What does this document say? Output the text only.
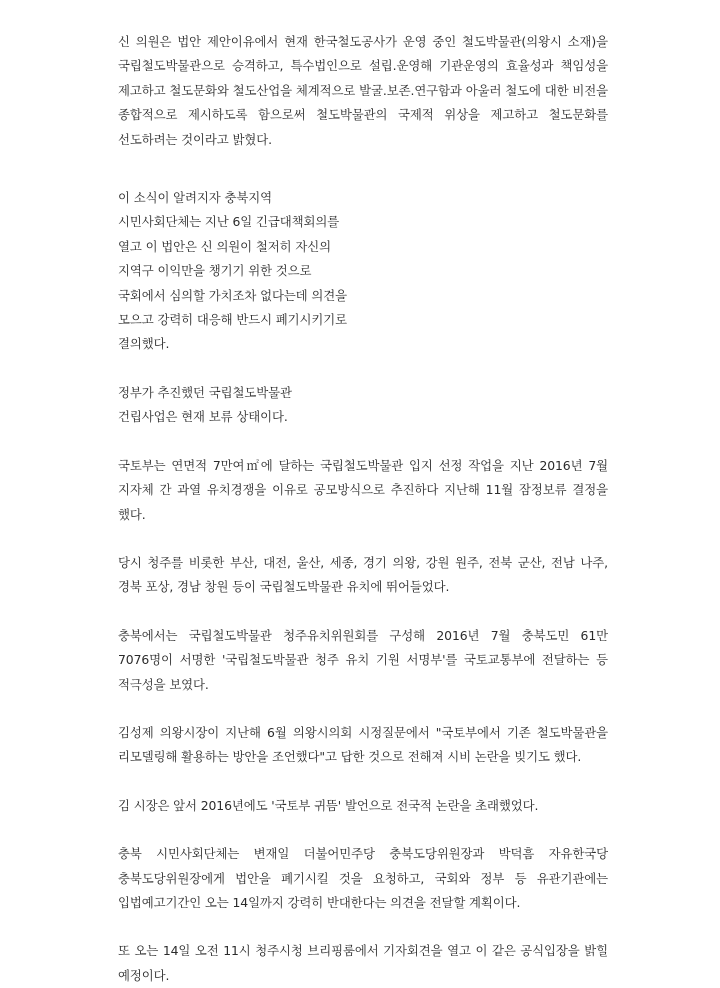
신 의원은 법안 제안이유에서 현재 한국철도공사가 운영 중인 철도박물관(의왕시 소재)을 국립철도박물관으로 승격하고, 특수법인으로 설립.운영해 기관운영의 효율성과 책임성을 제고하고 철도문화와 철도산업을 체계적으로 발굴.보존.연구함과 아울러 철도에 대한 비전을 종합적으로 제시하도록 함으로써 철도박물관의 국제적 위상을 제고하고 철도문화를 선도하려는 것이라고 밝혔다.

이 소식이 알려지자 충북지역 시민사회단체는 지난 6일 긴급대책회의를 열고 이 법안은 신 의원이 철저히 자신의 지역구 이익만을 챙기기 위한 것으로 국회에서 심의할 가치조차 없다는데 의견을 모으고 강력히 대응해 반드시 폐기시키기로 결의했다.

정부가 추진했던 국립철도박물관 건립사업은 현재 보류 상태이다.

국토부는 연면적 7만여㎡에 달하는 국립철도박물관 입지 선정 작업을 지난 2016년 7월 지자체 간 과열 유치경쟁을 이유로 공모방식으로 추진하다 지난해 11월 잠정보류 결정을 했다.

당시 청주를 비롯한 부산, 대전, 울산, 세종, 경기 의왕, 강원 원주, 전북 군산, 전남 나주, 경북 포상, 경남 창원 등이 국립철도박물관 유치에 뛰어들었다.

충북에서는 국립철도박물관 청주유치위원회를 구성해 2016년 7월 충북도민 61만 7076명이 서명한 '국립철도박물관 청주 유치 기원 서명부'를 국토교통부에 전달하는 등 적극성을 보였다.

김성제 의왕시장이 지난해 6월 의왕시의회 시정질문에서 "국토부에서 기존 철도박물관을 리모델링해 활용하는 방안을 조언했다"고 답한 것으로 전해져 시비 논란을 빚기도 했다.

김 시장은 앞서 2016년에도 '국토부 귀뜸' 발언으로 전국적 논란을 초래했었다.

충북 시민사회단체는 변재일 더불어민주당 충북도당위원장과 박덕흠 자유한국당 충북도당위원장에게 법안을 폐기시킬 것을 요청하고, 국회와 정부 등 유관기관에는 입법예고기간인 오는 14일까지 강력히 반대한다는 의견을 전달할 계획이다.

또 오는 14일 오전 11시 청주시청 브리핑룸에서 기자회견을 열고 이 같은 공식입장을 밝힐 예정이다.
